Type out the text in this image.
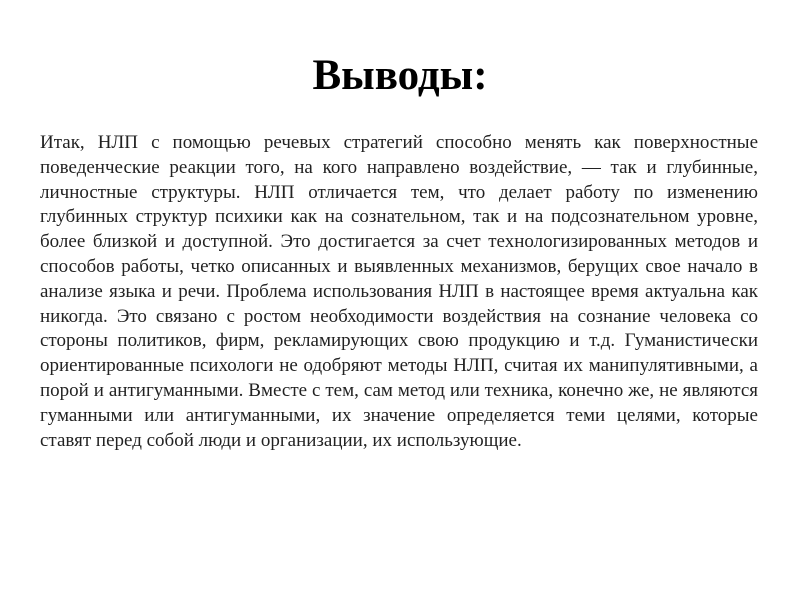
Выводы:

Итак, НЛП с помощью речевых стратегий способно менять как поверхностные поведенческие реакции того, на кого направлено воздействие, — так и глубинные, личностные структуры. НЛП отличается тем, что делает работу по изменению глубинных структур психики как на сознательном, так и на подсознательном уровне, более близкой и доступной. Это достигается за счет технологизированных методов и способов работы, четко описанных и выявленных механизмов, берущих свое начало в анализе языка и речи. Проблема использования НЛП в настоящее время актуальна как никогда. Это связано с ростом необходимости воздействия на сознание человека со стороны политиков, фирм, рекламирующих свою продукцию и т.д. Гуманистически ориентированные психологи не одобряют методы НЛП, считая их манипулятивными, а порой и антигуманными. Вместе с тем, сам метод или техника, конечно же, не являются гуманными или антигуманными, их значение определяется теми целями, которые ставят перед собой люди и организации, их использующие.
